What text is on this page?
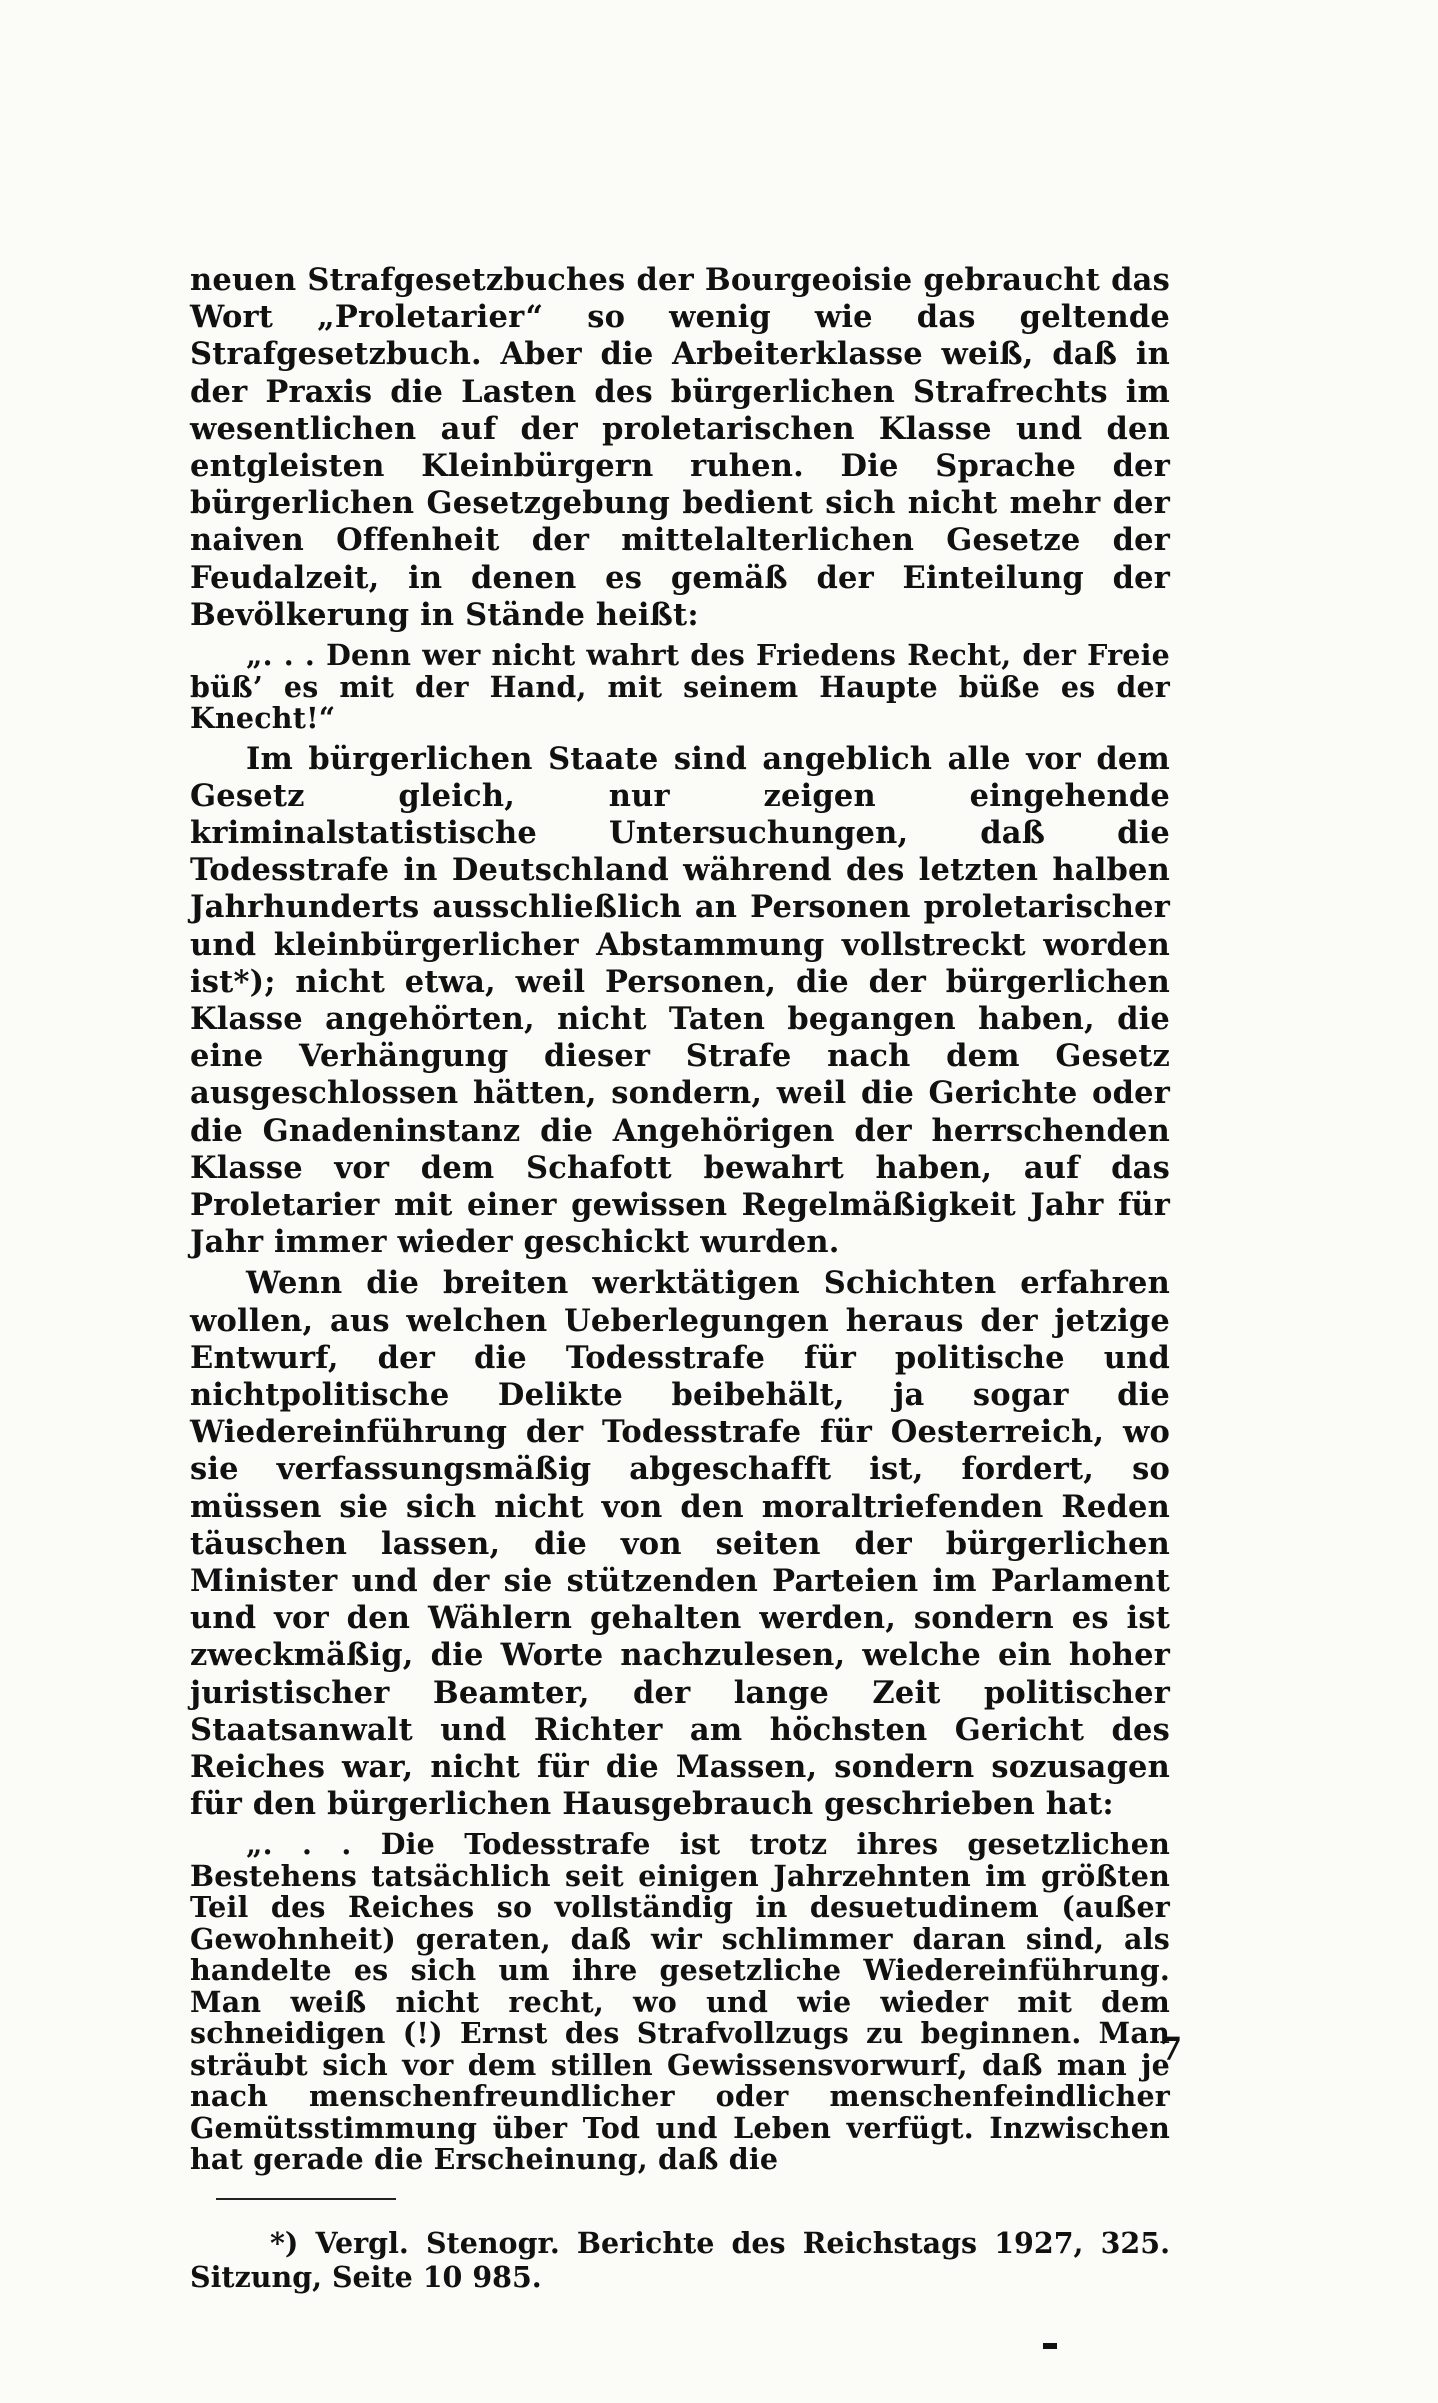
neuen Strafgesetzbuches der Bourgeoisie gebraucht das Wort „Proletarier“ so wenig wie das geltende Strafgesetzbuch. Aber die Arbeiterklasse weiß, daß in der Praxis die Lasten des bürgerlichen Strafrechts im wesentlichen auf der proletarischen Klasse und den entgleisten Kleinbürgern ruhen. Die Sprache der bürgerlichen Gesetzgebung bedient sich nicht mehr der naiven Offenheit der mittelalterlichen Gesetze der Feudalzeit, in denen es gemäß der Einteilung der Bevölkerung in Stände heißt:

„. . . Denn wer nicht wahrt des Friedens Recht, der Freie büß’ es mit der Hand, mit seinem Haupte büße es der Knecht!“

Im bürgerlichen Staate sind angeblich alle vor dem Gesetz gleich, nur zeigen eingehende kriminalstatistische Untersuchungen, daß die Todesstrafe in Deutschland während des letzten halben Jahrhunderts ausschließlich an Personen proletarischer und kleinbürgerlicher Abstammung vollstreckt worden ist*); nicht etwa, weil Personen, die der bürgerlichen Klasse angehörten, nicht Taten begangen haben, die eine Verhängung dieser Strafe nach dem Gesetz ausgeschlossen hätten, sondern, weil die Gerichte oder die Gnadeninstanz die Angehörigen der herrschenden Klasse vor dem Schafott bewahrt haben, auf das Proletarier mit einer gewissen Regelmäßigkeit Jahr für Jahr immer wieder geschickt wurden.

Wenn die breiten werktätigen Schichten erfahren wollen, aus welchen Ueberlegungen heraus der jetzige Entwurf, der die Todesstrafe für politische und nichtpolitische Delikte beibehält, ja sogar die Wiedereinführung der Todesstrafe für Oesterreich, wo sie verfassungsmäßig abgeschafft ist, fordert, so müssen sie sich nicht von den moraltriefenden Reden täuschen lassen, die von seiten der bürgerlichen Minister und der sie stützenden Parteien im Parlament und vor den Wählern gehalten werden, sondern es ist zweckmäßig, die Worte nachzulesen, welche ein hoher juristischer Beamter, der lange Zeit politischer Staatsanwalt und Richter am höchsten Gericht des Reiches war, nicht für die Massen, sondern sozusagen für den bürgerlichen Hausgebrauch geschrieben hat:

„. . . Die Todesstrafe ist trotz ihres gesetzlichen Bestehens tatsächlich seit einigen Jahrzehnten im größten Teil des Reiches so vollständig in desuetudinem (außer Gewohnheit) geraten, daß wir schlimmer daran sind, als handelte es sich um ihre gesetzliche Wiedereinführung. Man weiß nicht recht, wo und wie wieder mit dem schneidigen (!) Ernst des Strafvollzugs zu beginnen. Man sträubt sich vor dem stillen Gewissensvorwurf, daß man je nach menschenfreundlicher oder menschenfeindlicher Gemütsstimmung über Tod und Leben verfügt. Inzwischen hat gerade die Erscheinung, daß die

*) Vergl. Stenogr. Berichte des Reichstags 1927, 325. Sitzung, Seite 10 985.

7
